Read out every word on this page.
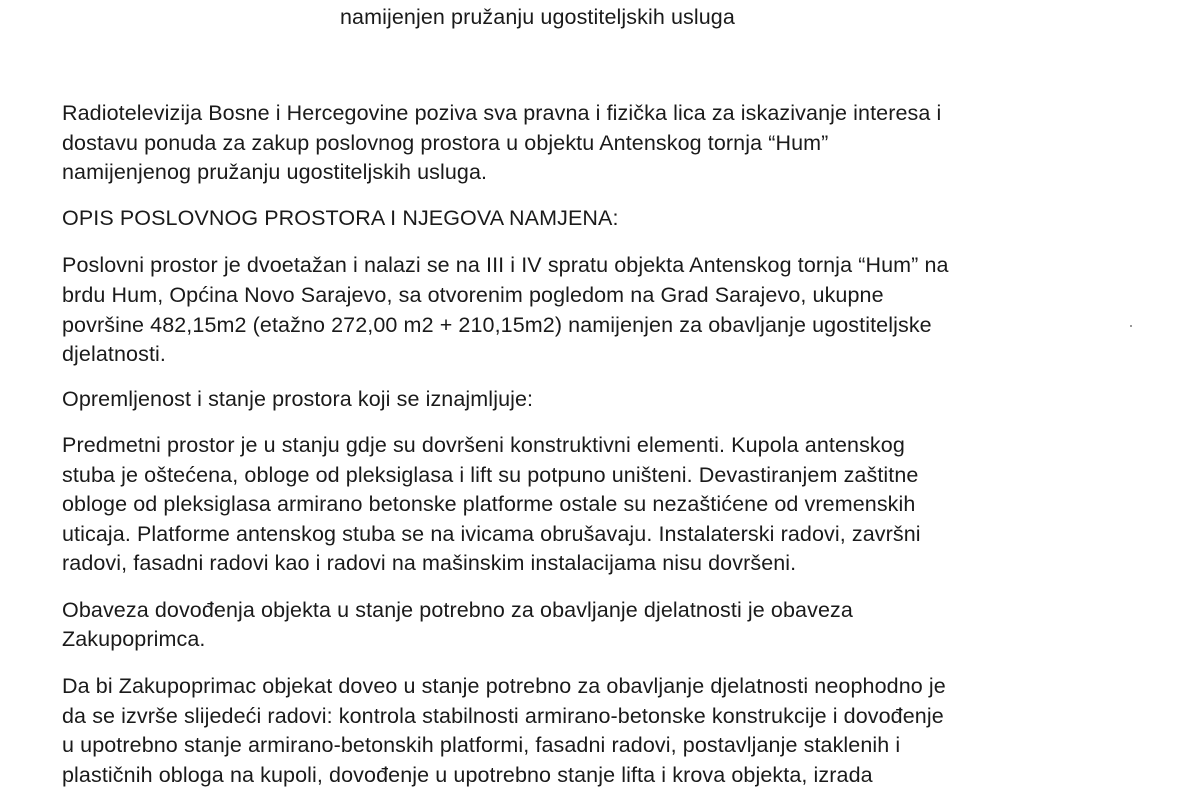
namijenjen pružanju ugostiteljskih usluga
Radiotelevizija Bosne i Hercegovine poziva sva pravna i fizička lica za iskazivanje interesa i
dostavu ponuda za zakup poslovnog prostora u objektu Antenskog tornja “Hum”
namijenjenog pružanju ugostiteljskih usluga.
OPIS POSLOVNOG PROSTORA I NJEGOVA NAMJENA:
Poslovni prostor je dvoetažan i nalazi se na III i IV spratu objekta Antenskog tornja “Hum” na
brdu Hum, Općina Novo Sarajevo, sa otvorenim pogledom na Grad Sarajevo, ukupne
površine 482,15m2 (etažno 272,00 m2 + 210,15m2) namijenjen za obavljanje ugostiteljske
djelatnosti.
Opremljenost i stanje prostora koji se iznajmljuje:
Predmetni prostor je u stanju gdje su dovršeni konstruktivni elementi. Kupola antenskog
stuba je oštećena, obloge od pleksiglasa i lift su potpuno uništeni. Devastiranjem zaštitne
obloge od pleksiglasa armirano betonske platforme ostale su nezaštićene od vremenskih
uticaja. Platforme antenskog stuba se na ivicama obrušavaju. Instalaterski radovi, završni
radovi, fasadni radovi kao i radovi na mašinskim instalacijama nisu dovršeni.
Obaveza dovođenja objekta u stanje potrebno za obavljanje djelatnosti je obaveza
Zakupoprimca.
Da bi Zakupoprimac objekat doveo u stanje potrebno za obavljanje djelatnosti neophodno je
da se izvrše slijedeći radovi: kontrola stabilnosti armirano-betonske konstrukcije i dovođenje
u upotrebno stanje armirano-betonskih platformi, fasadni radovi, postavljanje staklenih i
plastičnih obloga na kupoli, dovođenje u upotrebno stanje lifta i krova objekta, izrada
